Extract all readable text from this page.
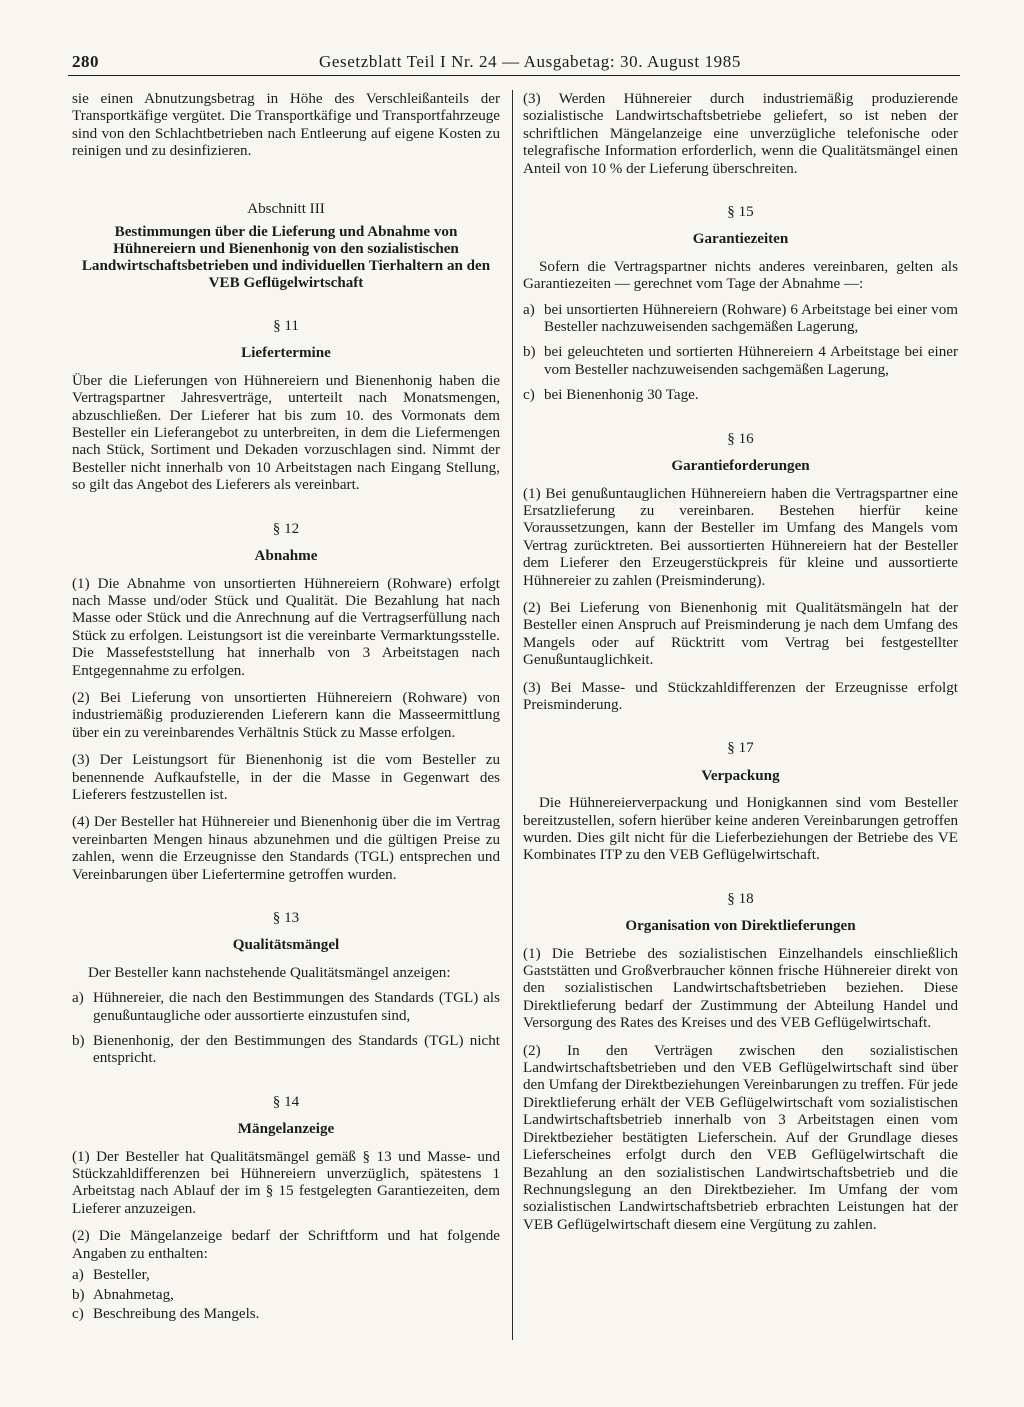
280	Gesetzblatt Teil I Nr. 24 — Ausgabetag: 30. August 1985

sie einen Abnutzungsbetrag in Höhe des Verschleißanteils der Transportkäfige vergütet. Die Transportkäfige und Transportfahrzeuge sind von den Schlachtbetrieben nach Entleerung auf eigene Kosten zu reinigen und zu desinfizieren.

Abschnitt III
Bestimmungen über die Lieferung und Abnahme von Hühnereiern und Bienenhonig von den sozialistischen Landwirtschaftsbetrieben und individuellen Tierhaltern an den VEB Geflügelwirtschaft
§ 11
Liefertermine

Über die Lieferungen von Hühnereiern und Bienenhonig haben die Vertragspartner Jahresverträge, unterteilt nach Monatsmengen, abzuschließen. Der Lieferer hat bis zum 10. des Vormonats dem Besteller ein Lieferangebot zu unterbreiten, in dem die Liefermengen nach Stück, Sortiment und Dekaden vorzuschlagen sind. Nimmt der Besteller nicht innerhalb von 10 Arbeitstagen nach Eingang Stellung, so gilt das Angebot des Lieferers als vereinbart.

§ 12
Abnahme

(1) Die Abnahme von unsortierten Hühnereiern (Rohware) erfolgt nach Masse und/oder Stück und Qualität. Die Bezahlung hat nach Masse oder Stück und die Anrechnung auf die Vertragserfüllung nach Stück zu erfolgen. Leistungsort ist die vereinbarte Vermarktungsstelle. Die Massefeststellung hat innerhalb von 3 Arbeitstagen nach Entgegennahme zu erfolgen.

(2) Bei Lieferung von unsortierten Hühnereiern (Rohware) von industriemäßig produzierenden Lieferern kann die Masseermittlung über ein zu vereinbarendes Verhältnis Stück zu Masse erfolgen.

(3) Der Leistungsort für Bienenhonig ist die vom Besteller zu benennende Aufkaufstelle, in der die Masse in Gegenwart des Lieferers festzustellen ist.

(4) Der Besteller hat Hühnereier und Bienenhonig über die im Vertrag vereinbarten Mengen hinaus abzunehmen und die gültigen Preise zu zahlen, wenn die Erzeugnisse den Standards (TGL) entsprechen und Vereinbarungen über Liefertermine getroffen wurden.

§ 13
Qualitätsmängel

Der Besteller kann nachstehende Qualitätsmängel anzeigen:

a) Hühnereier, die nach den Bestimmungen des Standards (TGL) als genußuntaugliche oder aussortierte einzustufen sind,
b) Bienenhonig, der den Bestimmungen des Standards (TGL) nicht entspricht.
§ 14
Mängelanzeige

(1) Der Besteller hat Qualitätsmängel gemäß § 13 und Masse- und Stückzahldifferenzen bei Hühnereiern unverzüglich, spätestens 1 Arbeitstag nach Ablauf der im § 15 festgelegten Garantiezeiten, dem Lieferer anzuzeigen.

(2) Die Mängelanzeige bedarf der Schriftform und hat folgende Angaben zu enthalten:

a) Besteller,
b) Abnahmetag,
c) Beschreibung des Mangels.

(3) Werden Hühnereier durch industriemäßig produzierende sozialistische Landwirtschaftsbetriebe geliefert, so ist neben der schriftlichen Mängelanzeige eine unverzügliche telefonische oder telegrafische Information erforderlich, wenn die Qualitätsmängel einen Anteil von 10 % der Lieferung überschreiten.

§ 15
Garantiezeiten

Sofern die Vertragspartner nichts anderes vereinbaren, gelten als Garantiezeiten — gerechnet vom Tage der Abnahme —:

a) bei unsortierten Hühnereiern (Rohware) 6 Arbeitstage bei einer vom Besteller nachzuweisenden sachgemäßen Lagerung,
b) bei geleuchteten und sortierten Hühnereiern 4 Arbeitstage bei einer vom Besteller nachzuweisenden sachgemäßen Lagerung,
c) bei Bienenhonig 30 Tage.
§ 16
Garantieforderungen

(1) Bei genußuntauglichen Hühnereiern haben die Vertragspartner eine Ersatzlieferung zu vereinbaren. Bestehen hierfür keine Voraussetzungen, kann der Besteller im Umfang des Mangels vom Vertrag zurücktreten. Bei aussortierten Hühnereiern hat der Besteller dem Lieferer den Erzeugerstückpreis für kleine und aussortierte Hühnereier zu zahlen (Preisminderung).

(2) Bei Lieferung von Bienenhonig mit Qualitätsmängeln hat der Besteller einen Anspruch auf Preisminderung je nach dem Umfang des Mangels oder auf Rücktritt vom Vertrag bei festgestellter Genußuntauglichkeit.

(3) Bei Masse- und Stückzahldifferenzen der Erzeugnisse erfolgt Preisminderung.

§ 17
Verpackung

Die Hühnereierverpackung und Honigkannen sind vom Besteller bereitzustellen, sofern hierüber keine anderen Vereinbarungen getroffen wurden. Dies gilt nicht für die Lieferbeziehungen der Betriebe des VE Kombinates ITP zu den VEB Geflügelwirtschaft.

§ 18
Organisation von Direktlieferungen

(1) Die Betriebe des sozialistischen Einzelhandels einschließlich Gaststätten und Großverbraucher können frische Hühnereier direkt von den sozialistischen Landwirtschaftsbetrieben beziehen. Diese Direktlieferung bedarf der Zustimmung der Abteilung Handel und Versorgung des Rates des Kreises und des VEB Geflügelwirtschaft.

(2) In den Verträgen zwischen den sozialistischen Landwirtschaftsbetrieben und den VEB Geflügelwirtschaft sind über den Umfang der Direktbeziehungen Vereinbarungen zu treffen. Für jede Direktlieferung erhält der VEB Geflügelwirtschaft vom sozialistischen Landwirtschaftsbetrieb innerhalb von 3 Arbeitstagen einen vom Direktbezieher bestätigten Lieferschein. Auf der Grundlage dieses Lieferscheines erfolgt durch den VEB Geflügelwirtschaft die Bezahlung an den sozialistischen Landwirtschaftsbetrieb und die Rechnungslegung an den Direktbezieher. Im Umfang der vom sozialistischen Landwirtschaftsbetrieb erbrachten Leistungen hat der VEB Geflügelwirtschaft diesem eine Vergütung zu zahlen.
